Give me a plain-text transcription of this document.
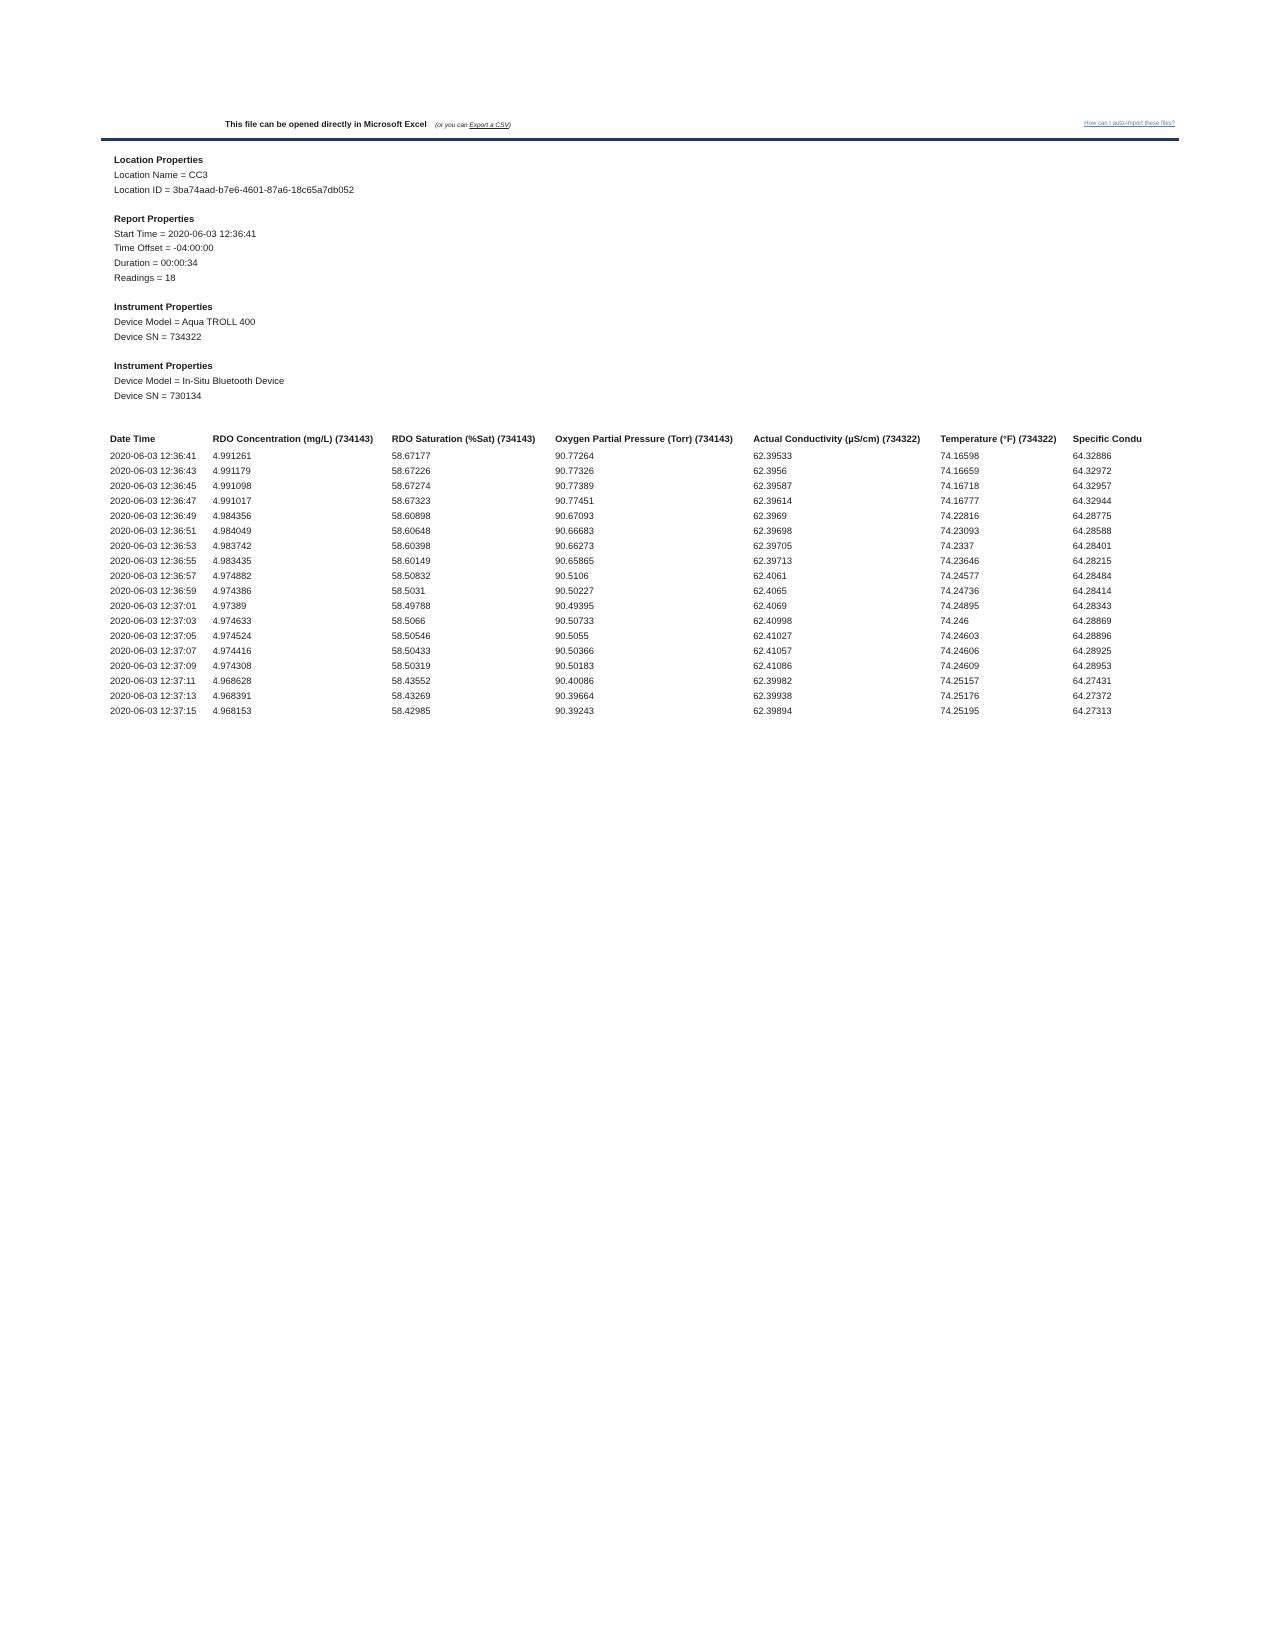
This file can be opened directly in Microsoft Excel (or you can Export a CSV)	How can I auto-import these files?
Location Properties
Location Name = CC3
Location ID = 3ba74aad-b7e6-4601-87a6-18c65a7db052
Report Properties
Start Time = 2020-06-03 12:36:41
Time Offset = -04:00:00
Duration = 00:00:34
Readings = 18
Instrument Properties
Device Model = Aqua TROLL 400
Device SN = 734322
Instrument Properties
Device Model = In-Situ Bluetooth Device
Device SN = 730134
Date Time	RDO Concentration (mg/L) (734143)	RDO Saturation (%Sat) (734143)	Oxygen Partial Pressure (Torr) (734143)	Actual Conductivity (µS/cm) (734322)	Temperature (°F) (734322)	Specific Condu
2020-06-03 12:36:41	4.991261	58.67177	90.77264	62.39533	74.16598	64.32886
2020-06-03 12:36:43	4.991179	58.67226	90.77326	62.3956	74.16659	64.32972
2020-06-03 12:36:45	4.991098	58.67274	90.77389	62.39587	74.16718	64.32957
2020-06-03 12:36:47	4.991017	58.67323	90.77451	62.39614	74.16777	64.32944
2020-06-03 12:36:49	4.984356	58.60898	90.67093	62.3969	74.22816	64.28775
2020-06-03 12:36:51	4.984049	58.60648	90.66683	62.39698	74.23093	64.28588
2020-06-03 12:36:53	4.983742	58.60398	90.66273	62.39705	74.2337	64.28401
2020-06-03 12:36:55	4.983435	58.60149	90.65865	62.39713	74.23646	64.28215
2020-06-03 12:36:57	4.974882	58.50832	90.5106	62.4061	74.24577	64.28484
2020-06-03 12:36:59	4.974386	58.5031	90.50227	62.4065	74.24736	64.28414
2020-06-03 12:37:01	4.97389	58.49788	90.49395	62.4069	74.24895	64.28343
2020-06-03 12:37:03	4.974633	58.5066	90.50733	62.40998	74.246	64.28869
2020-06-03 12:37:05	4.974524	58.50546	90.5055	62.41027	74.24603	64.28896
2020-06-03 12:37:07	4.974416	58.50433	90.50366	62.41057	74.24606	64.28925
2020-06-03 12:37:09	4.974308	58.50319	90.50183	62.41086	74.24609	64.28953
2020-06-03 12:37:11	4.968628	58.43552	90.40086	62.39982	74.25157	64.27431
2020-06-03 12:37:13	4.968391	58.43269	90.39664	62.39938	74.25176	64.27372
2020-06-03 12:37:15	4.968153	58.42985	90.39243	62.39894	74.25195	64.27313
